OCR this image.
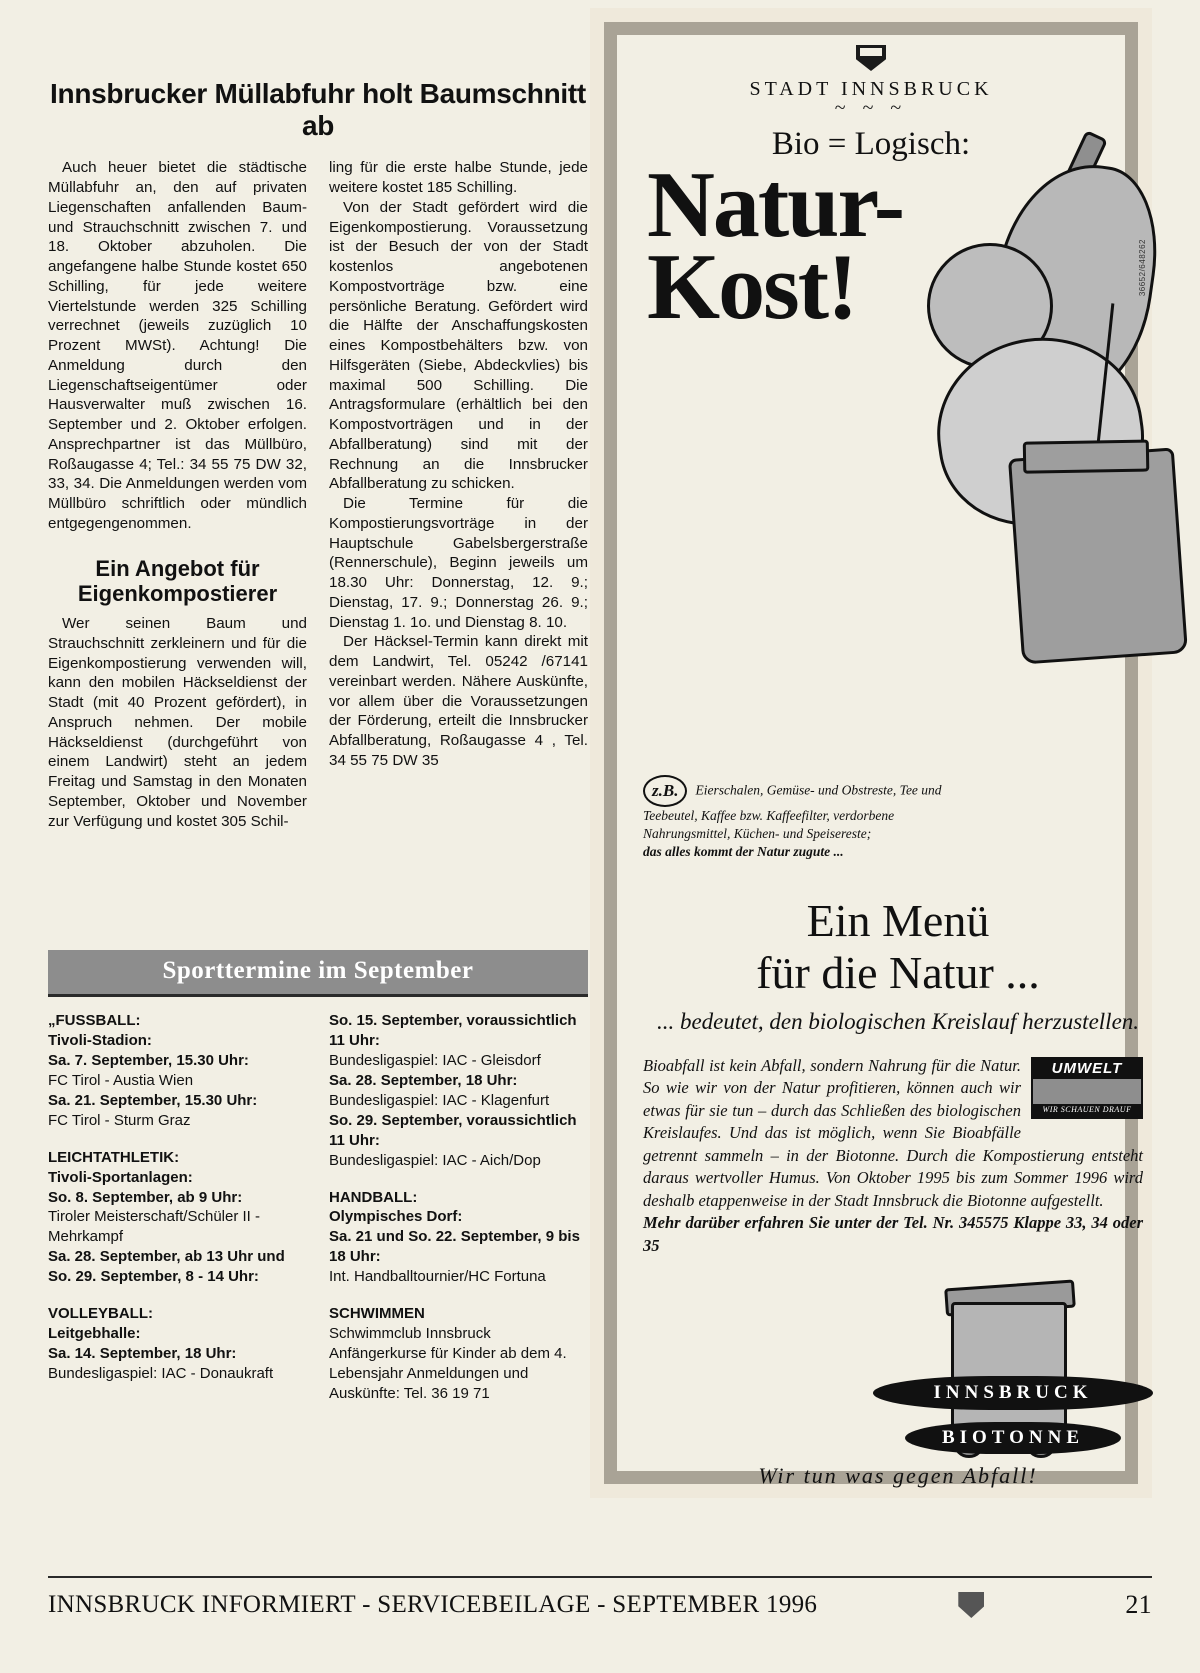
Innsbrucker Müllabfuhr holt Baumschnitt ab

Auch heuer bietet die städtische Müllabfuhr an, den auf privaten Liegenschaften anfallenden Baum- und Strauchschnitt zwischen 7. und 18. Oktober abzuholen. Die angefangene halbe Stunde kostet 650 Schilling, für jede weitere Viertelstunde werden 325 Schilling verrechnet (jeweils zuzüglich 10 Prozent MWSt). Achtung! Die Anmeldung durch den Liegenschaftseigentümer oder Hausverwalter muß zwischen 16. September und 2. Oktober erfolgen. Ansprechpartner ist das Müllbüro, Roßaugasse 4; Tel.: 34 55 75 DW 32, 33, 34. Die Anmeldungen werden vom Müllbüro schriftlich oder mündlich entgegengenommen.

Ein Angebot für Eigenkompostierer

Wer seinen Baum und Strauchschnitt zerkleinern und für die Eigenkompostierung verwenden will, kann den mobilen Häckseldienst der Stadt (mit 40 Prozent gefördert), in Anspruch nehmen. Der mobile Häckseldienst (durchgeführt von einem Landwirt) steht an jedem Freitag und Samstag in den Monaten September, Oktober und November zur Verfügung und kostet 305 Schil-

ling für die erste halbe Stunde, jede weitere kostet 185 Schilling.

Von der Stadt gefördert wird die Eigenkompostierung. Voraussetzung ist der Besuch der von der Stadt kostenlos angebotenen Kompostvorträge bzw. eine persönliche Beratung. Gefördert wird die Hälfte der Anschaffungskosten eines Kompostbehälters bzw. von Hilfsgeräten (Siebe, Abdeckvlies) bis maximal 500 Schilling. Die Antragsformulare (erhältlich bei den Kompostvorträgen und in der Abfallberatung) sind mit der Rechnung an die Innsbrucker Abfallberatung zu schicken.

Die Termine für die Kompostierungsvorträge in der Hauptschule Gabelsbergerstraße (Rennerschule), Beginn jeweils um 18.30 Uhr: Donnerstag, 12. 9.; Dienstag, 17. 9.; Donnerstag 26. 9.; Dienstag 1. 1o. und Dienstag 8. 10.

Der Häcksel-Termin kann direkt mit dem Landwirt, Tel. 05242 /67141 vereinbart werden. Nähere Auskünfte, vor allem über die Voraussetzungen der Förderung, erteilt die Innsbrucker Abfallberatung, Roßaugasse 4 , Tel. 34 55 75 DW 35

Sporttermine im September
„FUSSBALL:
Tivoli-Stadion:
Sa. 7. September, 15.30 Uhr:
FC Tirol - Austia Wien
Sa. 21. September, 15.30 Uhr:
FC Tirol - Sturm Graz
LEICHTATHLETIK:
Tivoli-Sportanlagen:
So. 8. September, ab 9 Uhr:
Tiroler Meisterschaft/Schüler II - Mehrkampf
Sa. 28. September, ab 13 Uhr und
So. 29. September, 8 - 14 Uhr:
VOLLEYBALL:
Leitgebhalle:
Sa. 14. September, 18 Uhr:
Bundesligaspiel: IAC - Donaukraft
So. 15. September, voraussichtlich 11 Uhr:
Bundesligaspiel: IAC - Gleisdorf
Sa. 28. September, 18 Uhr:
Bundesligaspiel: IAC - Klagenfurt
So. 29. September, voraussichtlich 11 Uhr:
Bundesligaspiel: IAC - Aich/Dop
HANDBALL:
Olympisches Dorf:
Sa. 21 und So. 22. September, 9 bis 18 Uhr:
Int. Handballtournier/HC Fortuna
SCHWIMMEN
Schwimmclub Innsbruck Anfängerkurse für Kinder ab dem 4. Lebensjahr Anmeldungen und Auskünfte: Tel. 36 19 71
STADT INNSBRUCK
~ ~ ~
Bio = Logisch:
Natur-
Kost!	36652/648262
z.B. Eierschalen, Gemüse- und Obstreste, Tee und Teebeutel, Kaffee bzw. Kaffeefilter, verdorbene Nahrungsmittel, Küchen- und Speisereste;
das alles kommt der Natur zugute ...
Ein Menü
für die Natur ...
... bedeutet, den biologischen Kreislauf herzustellen.
UMWELT
WIR SCHAUEN DRAUF
Bioabfall ist kein Abfall, sondern Nahrung für die Natur. So wie wir von der Natur profitieren, können auch wir etwas für sie tun – durch das Schließen des biologischen Kreislaufes. Und das ist möglich, wenn Sie Bioabfälle getrennt sammeln – in der Biotonne. Durch die Kompostierung entsteht daraus wertvoller Humus. Von Oktober 1995 bis zum Sommer 1996 wird deshalb etappenweise in der Stadt Innsbruck die Biotonne aufgestellt.
Mehr darüber erfahren Sie unter der Tel. Nr. 345575 Klappe 33, 34 oder 35
INNSBRUCK
BIOTONNE
Wir tun was gegen Abfall!
INNSBRUCK INFORMIERT - SERVICEBEILAGE - SEPTEMBER 1996	21
